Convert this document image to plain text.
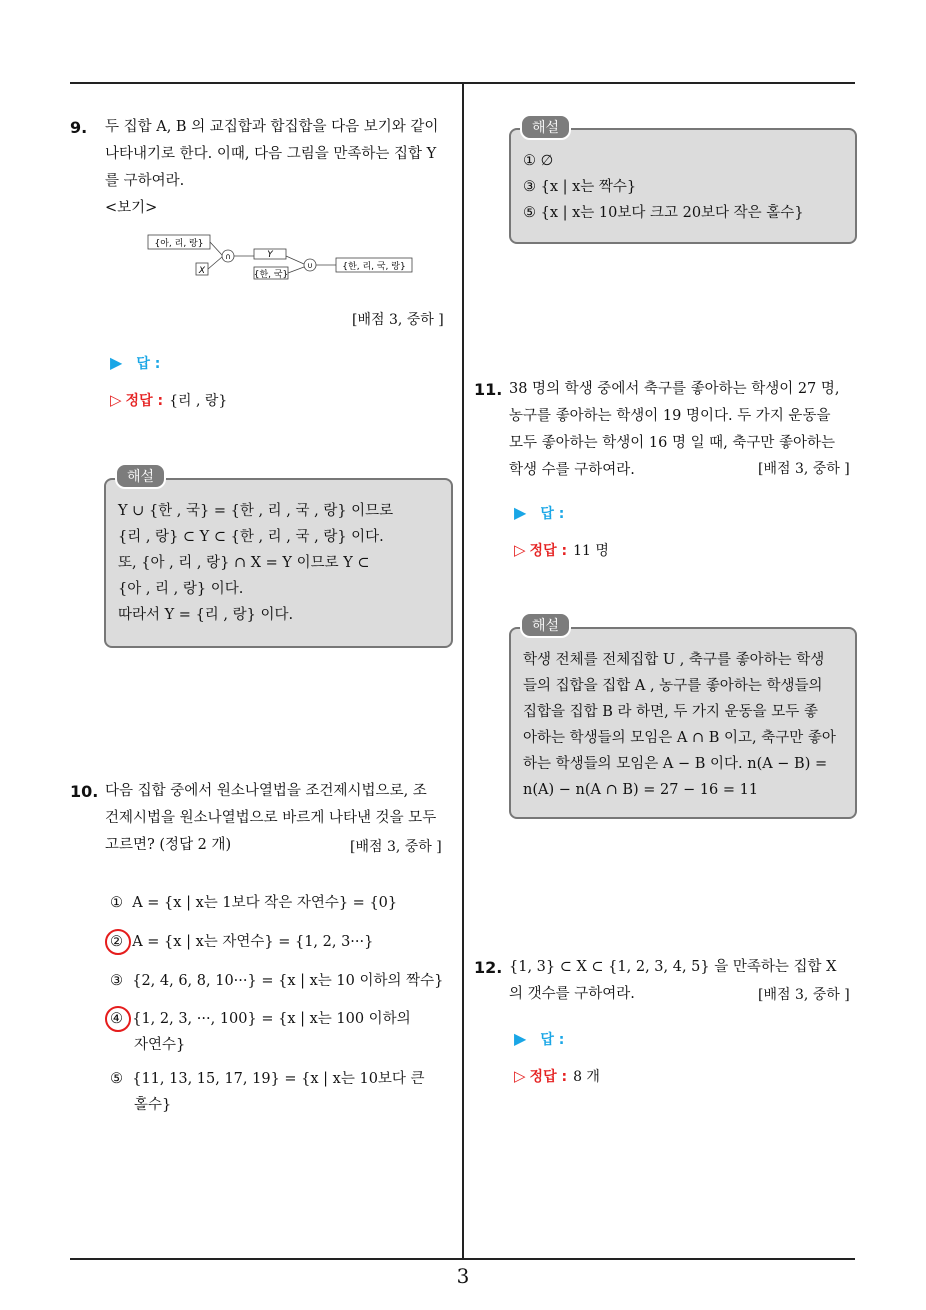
9. 두 집합 A, B 의 교집합과 합집합을 다음 보기와 같이
나타내기로 한다. 이때, 다음 그림을 만족하는 집합 Y
를 구하여라.
<보기>
{아, 리, 랑}
X
∩	Y
{한, 국}
∪	{한, 리, 국, 랑}
[배점 3, 중하 ]
▶ 답 :
▷ 정답 : {리 , 랑}
Y ∪ {한 , 국} = {한 , 리 , 국 , 랑} 이므로
{리 , 랑} ⊂ Y ⊂ {한 , 리 , 국 , 랑} 이다.
또, {아 , 리 , 랑} ∩ X = Y 이므로 Y ⊂
{아 , 리 , 랑} 이다.
따라서 Y = {리 , 랑} 이다.
해설
10. 다음 집합 중에서 원소나열법을 조건제시법으로, 조
건제시법을 원소나열법으로 바르게 나타낸 것을 모두
고르면? (정답 2 개)	[배점 3, 중하 ]
① A = {x | x는 1보다 작은 자연수} = {0}
② A = {x | x는 자연수} = {1, 2, 3···}
③ {2, 4, 6, 8, 10···} = {x | x는 10 이하의 짝수}
④ {1, 2, 3, ···, 100} = {x | x는 100 이하의
자연수}
⑤ {11, 13, 15, 17, 19} = {x | x는 10보다 큰
홀수}
① ∅
③ {x | x는 짝수}
⑤ {x | x는 10보다 크고 20보다 작은 홀수}
해설
11. 38 명의 학생 중에서 축구를 좋아하는 학생이 27 명,
농구를 좋아하는 학생이 19 명이다. 두 가지 운동을
모두 좋아하는 학생이 16 명 일 때, 축구만 좋아하는
학생 수를 구하여라.	[배점 3, 중하 ]
▶ 답 :
▷ 정답 : 11 명
학생 전체를 전체집합 U , 축구를 좋아하는 학생
들의 집합을 집합 A , 농구를 좋아하는 학생들의
집합을 집합 B 라 하면, 두 가지 운동을 모두 좋
아하는 학생들의 모임은 A ∩ B 이고, 축구만 좋아
하는 학생들의 모임은 A − B 이다. n(A − B) =
n(A) − n(A ∩ B) = 27 − 16 = 11
해설
12. {1, 3} ⊂ X ⊂ {1, 2, 3, 4, 5} 을 만족하는 집합 X
의 갯수를 구하여라.	[배점 3, 중하 ]
▶ 답 :
▷ 정답 : 8 개
3
